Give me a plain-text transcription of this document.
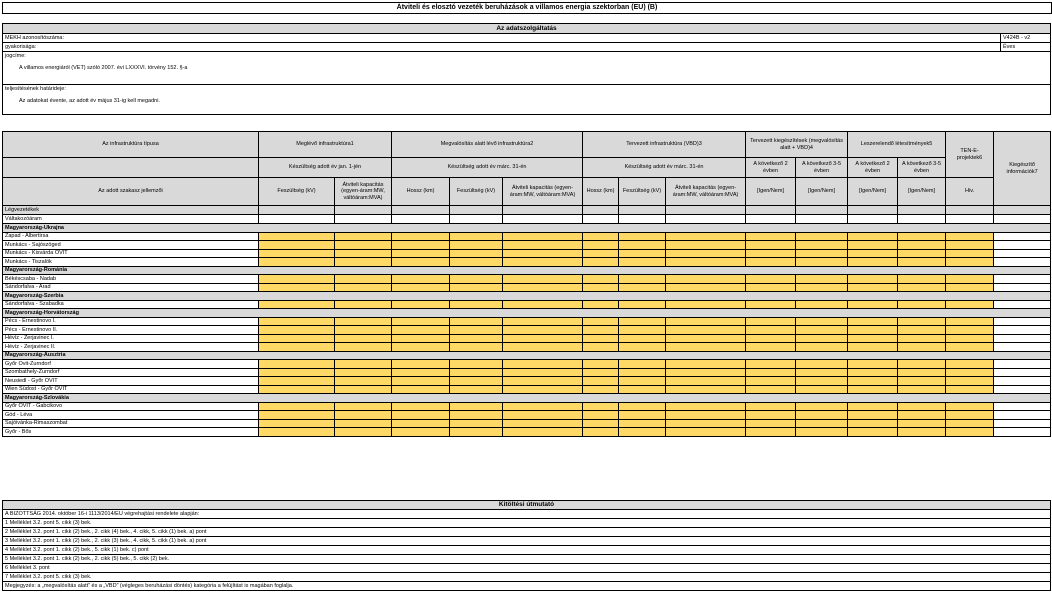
Átviteli és elosztó vezeték beruházások a villamos energia szektorban (EU) (B)
Az adatszolgáltatás	
MEKH azonosítószáma:	V424B - v2
gyakorisága:	Éves

jogcíme:
A villamos energiáról (VET) szóló 2007. évi LXXXVI. törvény 152. §-a	

teljesítésének határideje:
Az adatokat évente, az adott év május 31-ig kell megadni.	
Az infrastruktúra típusa	Meglévő infrastruktúra1		Megvalósítás alatt lévő infrastruktúra2			Tervezett infrastruktúra (VBD)3			Tervezett kiegészítések (megvalósítás alatt + VBD)4		Leszerelendő létesítmények5		TEN-E-projektek6	Kiegészítő információk7
	Készültség adott év jan. 1-jén		Készültség adott év márc. 31-én			Készültség adott év márc. 31-én			A következő 2 évben	A következő 3-5 évben	A következő 2 évben	A következő 3-5 évben		
Az adott szakasz jellemzői	Feszültség (kV)	Átviteli kapacitás (egyen-áram:MW, váltóáram:MVA)	Hossz (km)	Feszültség (kV)	Átviteli kapacitás (egyen-áram:MW, váltóáram:MVA)	Hossz (km)	Feszültség (kV)	Átviteli kapacitás (egyen-áram:MW, váltóáram:MVA)	[Igen/Nem]	[Igen/Nem]	[Igen/Nem]	[Igen/Nem]	Hiv.	
Légvezetékek														
Váltakozóáram														
Magyarország-Ukrajna														
Zapad - Albertirsa														
Munkács - Sajószöged														
Munkács - Kisvárda OVIT														
Munkács - Tiszalök														
Magyarország-Románia														
Békéscsaba - Nadab														
Sándorfalva - Arad														
Magyarország-Szerbia														
Sándorfalva - Szabadka														
Magyarország-Horvátország														
Pécs - Ernestinovo I.														
Pécs - Ernestinovo II.														
Hévíz - Zerjavinec I.														
Hévíz - Zerjavinec II.														
Magyarország-Ausztria														
Győr Ovit-Zurndorf														
Szombathely-Zurndorf														
Neusiedl - Győr OVIT														
Wien Südost - Győr OVIT														
Magyarország-Szlovákia														
Győr OVIT - Gabcikovo														
Göd - Léva														
Sajóivánka-Rimaszombat														
Győr - Bős														
Kitöltési útmutató
A BIZOTTSÁG 2014. október 16-i 1113/2014/EU végrehajtási rendelete alapján:
1 Melléklet 3.2. pont 5. cikk (3) bek.
2 Melléklet 3.2. pont 1. cikk (2) bek., 2. cikk (4) bek., 4. cikk, 5. cikk (1) bek. a) pont
3 Melléklet 3.2. pont 1. cikk (2) bek., 2. cikk (3) bek., 4. cikk, 5. cikk (1) bek. a) pont
4 Melléklet 3.2. pont 1. cikk (2) bek., 5. cikk (1) bek. c) pont
5 Melléklet 3.2. pont 1. cikk (2) bek., 2. cikk (5) bek., 5. cikk (2) bek.
6 Melléklet 3. pont
7 Melléklet 3.2. pont 5. cikk (3) bek.
Megjegyzés: a „megvalósítás alatt” és a „VBD” (végleges beruházási döntés) kategória a felújítást is magában foglalja.
